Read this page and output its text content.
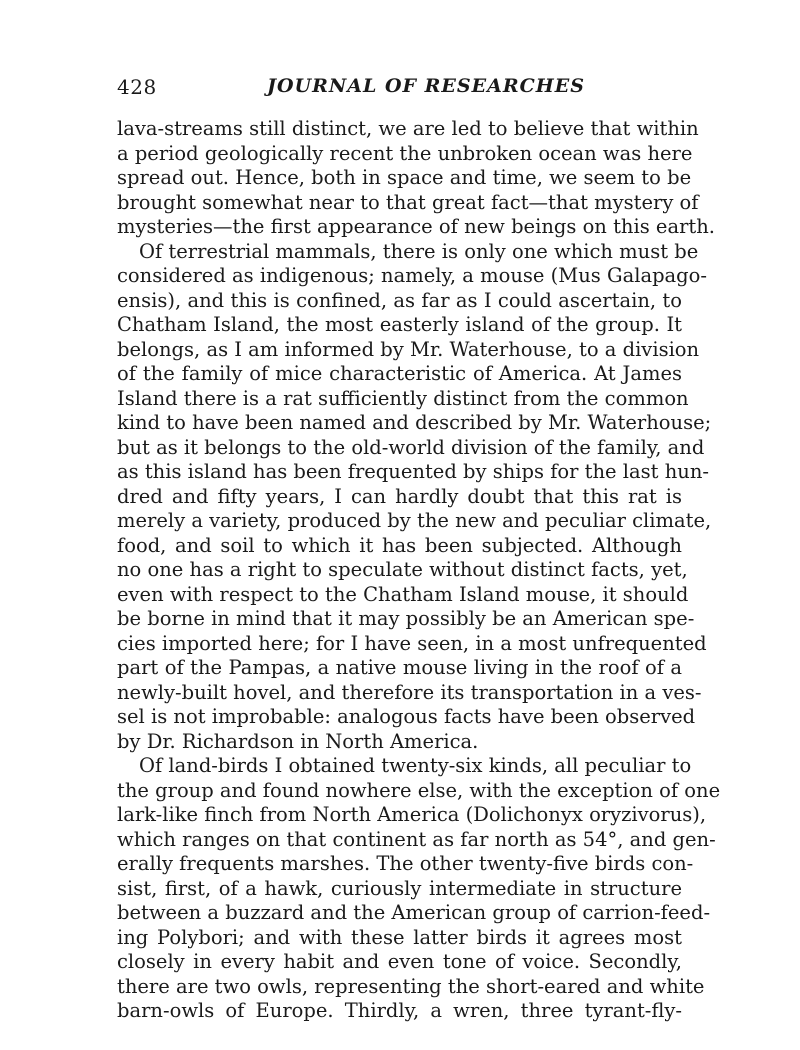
428	JOURNAL OF RESEARCHES
lava-streams still distinct, we are led to believe that within
a period geologically recent the unbroken ocean was here
spread out. Hence, both in space and time, we seem to be
brought somewhat near to that great fact—that mystery of
mysteries—the first appearance of new beings on this earth.
Of terrestrial mammals, there is only one which must be
considered as indigenous; namely, a mouse (Mus Galapago-
ensis), and this is confined, as far as I could ascertain, to
Chatham Island, the most easterly island of the group. It
belongs, as I am informed by Mr. Waterhouse, to a division
of the family of mice characteristic of America. At James
Island there is a rat sufficiently distinct from the common
kind to have been named and described by Mr. Waterhouse;
but as it belongs to the old-world division of the family, and
as this island has been frequented by ships for the last hun-
dred and fifty years, I can hardly doubt that this rat is
merely a variety, produced by the new and peculiar climate,
food, and soil to which it has been subjected. Although
no one has a right to speculate without distinct facts, yet,
even with respect to the Chatham Island mouse, it should
be borne in mind that it may possibly be an American spe-
cies imported here; for I have seen, in a most unfrequented
part of the Pampas, a native mouse living in the roof of a
newly-built hovel, and therefore its transportation in a ves-
sel is not improbable: analogous facts have been observed
by Dr. Richardson in North America.
Of land-birds I obtained twenty-six kinds, all peculiar to
the group and found nowhere else, with the exception of one
lark-like finch from North America (Dolichonyx oryzivorus),
which ranges on that continent as far north as 54°, and gen-
erally frequents marshes. The other twenty-five birds con-
sist, first, of a hawk, curiously intermediate in structure
between a buzzard and the American group of carrion-feed-
ing Polybori; and with these latter birds it agrees most
closely in every habit and even tone of voice. Secondly,
there are two owls, representing the short-eared and white
barn-owls of Europe. Thirdly, a wren, three tyrant-fly-
